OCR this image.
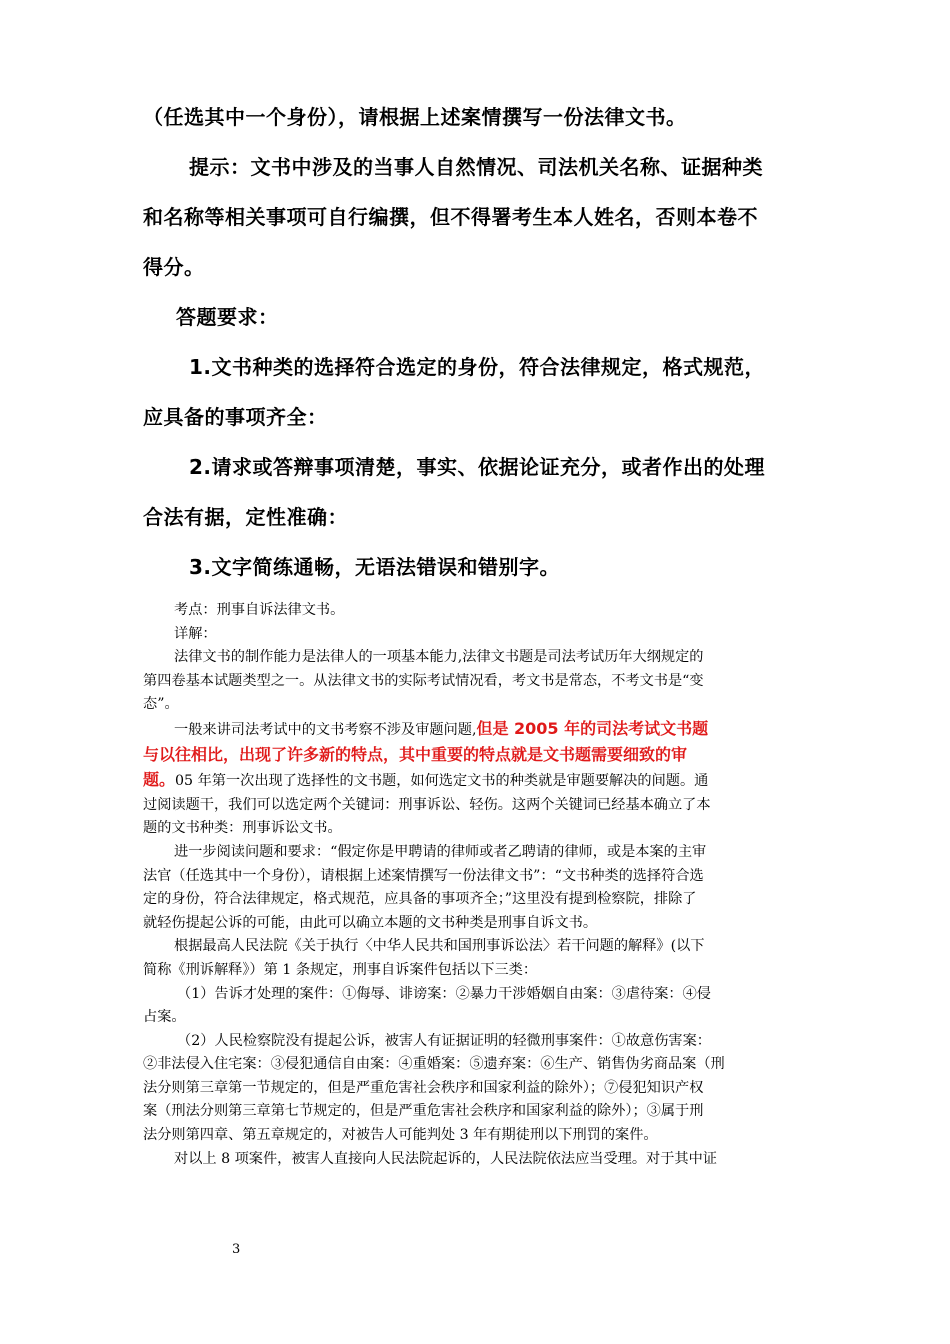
（任选其中一个身份），请根据上述案情撰写一份法律文书。
提示：文书中涉及的当事人自然情况、司法机关名称、证据种类
和名称等相关事项可自行编撰，但不得署考生本人姓名，否则本卷不
得分。
答题要求：
1.文书种类的选择符合选定的身份，符合法律规定，格式规范，
应具备的事项齐全：
2.请求或答辩事项清楚，事实、依据论证充分，或者作出的处理
合法有据，定性准确：
3.文字简练通畅，无语法错误和错别字。
考点：刑事自诉法律文书。
详解：
法律文书的制作能力是法律人的一项基本能力,法律文书题是司法考试历年大纲规定的
第四卷基本试题类型之一。从法律文书的实际考试情况看，考文书是常态，不考文书是“变
态”。
一般来讲司法考试中的文书考察不涉及审题问题,但是 2005 年的司法考试文书题
与以往相比，出现了许多新的特点，其中重要的特点就是文书题需要细致的审
题。05 年第一次出现了选择性的文书题，如何选定文书的种类就是审题要解决的间题。通
过阅读题干，我们可以选定两个关键词：刑事诉讼、轻伤。这两个关键词已经基本确立了本
题的文书种类：刑事诉讼文书。
进一步阅读问题和要求：“假定你是甲聘请的律师或者乙聘请的律师，或是本案的主审
法官（任选其中一个身份），请根据上述案情撰写一份法律文书”：“文书种类的选择符合选
定的身份，符合法律规定，格式规范，应具备的事项齐全；”这里没有提到检察院，排除了
就轻伤提起公诉的可能，由此可以确立本题的文书种类是刑事自诉文书。
根据最高人民法院《关于执行〈中华人民共和国刑事诉讼法〉若干问题的解释》(以下
简称《刑诉解释》）第 1 条规定，刑事自诉案件包括以下三类：
（1）告诉才处理的案件：①侮辱、诽谤案：②暴力干涉婚姻自由案：③虐待案：④侵
占案。
（2）人民检察院没有提起公诉，被害人有证据证明的轻微刑事案件：①故意伤害案：
②非法侵入住宅案：③侵犯通信自由案：④重婚案：⑤遗弃案：⑥生产、销售伪劣商品案（刑
法分则第三章第一节规定的，但是严重危害社会秩序和国家利益的除外）；⑦侵犯知识产权
案（刑法分则第三章第七节规定的，但是严重危害社会秩序和国家利益的除外）；③属于刑
法分则第四章、第五章规定的，对被告人可能判处 3 年有期徒刑以下刑罚的案件。
对以上 8 项案件，被害人直接向人民法院起诉的，人民法院依法应当受理。对于其中证
3
